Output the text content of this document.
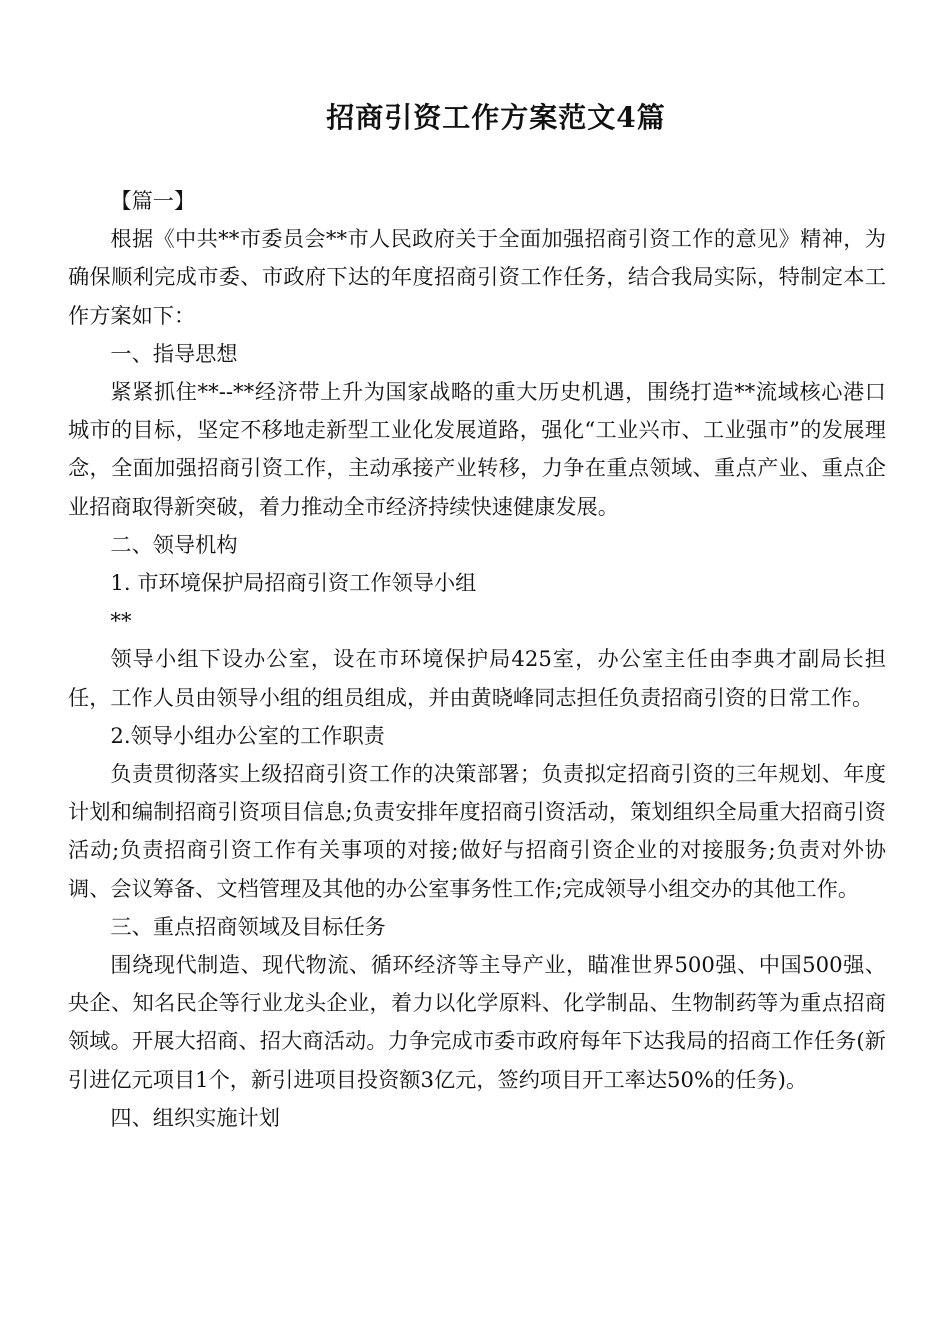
招商引资工作方案范文4篇

【篇一】

根据《中共**市委员会**市人民政府关于全面加强招商引资工作的意见》精神，为确保顺利完成市委、市政府下达的年度招商引资工作任务，结合我局实际，特制定本工作方案如下：

一、指导思想

紧紧抓住**--**经济带上升为国家战略的重大历史机遇，围绕打造**流域核心港口城市的目标，坚定不移地走新型工业化发展道路，强化“工业兴市、工业强市”的发展理念，全面加强招商引资工作，主动承接产业转移，力争在重点领域、重点产业、重点企业招商取得新突破，着力推动全市经济持续快速健康发展。

二、领导机构

1. 市环境保护局招商引资工作领导小组

**

领导小组下设办公室，设在市环境保护局425室，办公室主任由李典才副局长担任，工作人员由领导小组的组员组成，并由黄晓峰同志担任负责招商引资的日常工作。

2.领导小组办公室的工作职责

负责贯彻落实上级招商引资工作的决策部署；负责拟定招商引资的三年规划、年度计划和编制招商引资项目信息;负责安排年度招商引资活动，策划组织全局重大招商引资活动;负责招商引资工作有关事项的对接;做好与招商引资企业的对接服务;负责对外协调、会议筹备、文档管理及其他的办公室事务性工作;完成领导小组交办的其他工作。

三、重点招商领域及目标任务

围绕现代制造、现代物流、循环经济等主导产业，瞄准世界500强、中国500强、央企、知名民企等行业龙头企业，着力以化学原料、化学制品、生物制药等为重点招商领域。开展大招商、招大商活动。力争完成市委市政府每年下达我局的招商工作任务(新引进亿元项目1个，新引进项目投资额3亿元，签约项目开工率达50%的任务)。

四、组织实施计划
